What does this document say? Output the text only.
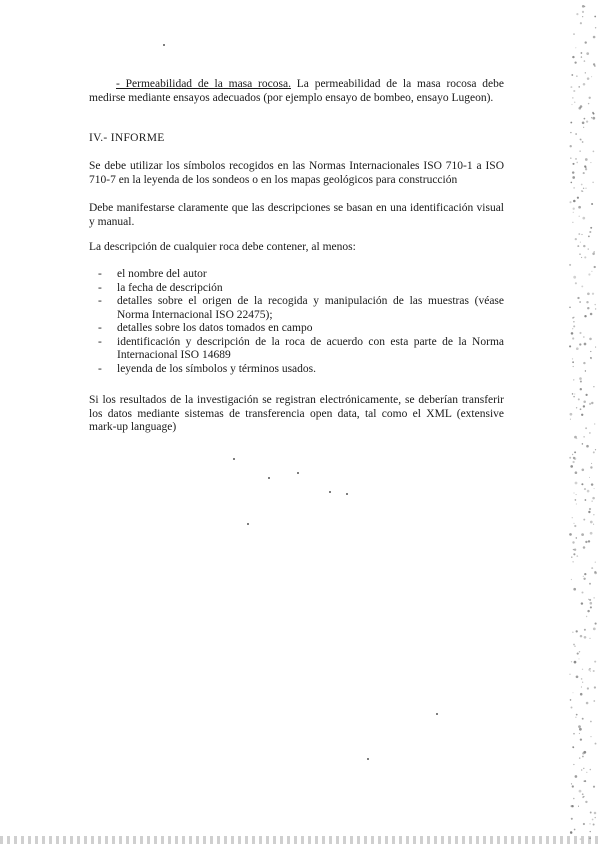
- Permeabilidad de la masa rocosa. La permeabilidad de la masa rocosa debe medirse mediante ensayos adecuados (por ejemplo ensayo de bombeo, ensayo Lugeon).
IV.- INFORME
Se debe utilizar los símbolos recogidos en las Normas Internacionales ISO 710-1 a ISO 710-7 en la leyenda de los sondeos o en los mapas geológicos para construcción
Debe manifestarse claramente que las descripciones se basan en una identificación visual y manual.
La descripción de cualquier roca debe contener, al menos:
- el nombre del autor
- la fecha de descripción
- detalles sobre el origen de la recogida y manipulación de las muestras (véase Norma Internacional ISO 22475);
- detalles sobre los datos tomados en campo
- identificación y descripción de la roca de acuerdo con esta parte de la Norma Internacional ISO 14689
- leyenda de los símbolos y términos usados.
Si los resultados de la investigación se registran electrónicamente, se deberían transferir los datos mediante sistemas de transferencia open data, tal como el XML (extensive mark-up language)
